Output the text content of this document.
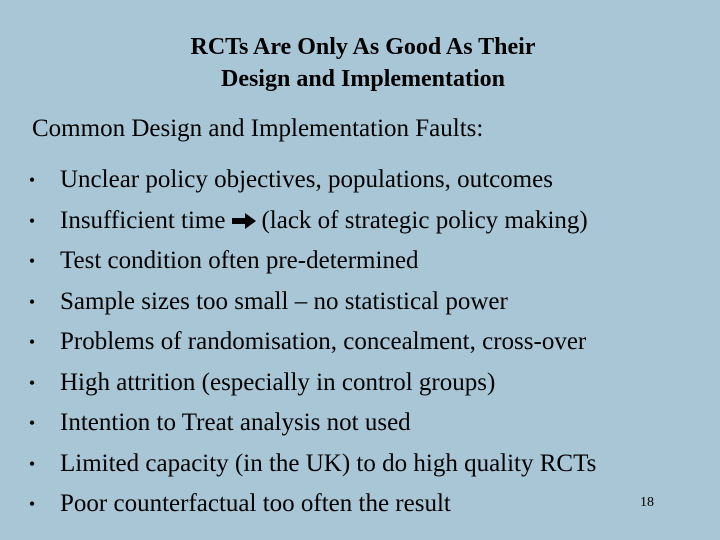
RCTs Are Only As Good As Their
Design and Implementation
Common Design and Implementation Faults:
• Unclear policy objectives, populations, outcomes
• Insufficient time (lack of strategic policy making)
• Test condition often pre-determined
• Sample sizes too small – no statistical power
• Problems of randomisation, concealment, cross-over
• High attrition (especially in control groups)
• Intention to Treat analysis not used
• Limited capacity (in the UK) to do high quality RCTs
• Poor counterfactual too often the result	18
